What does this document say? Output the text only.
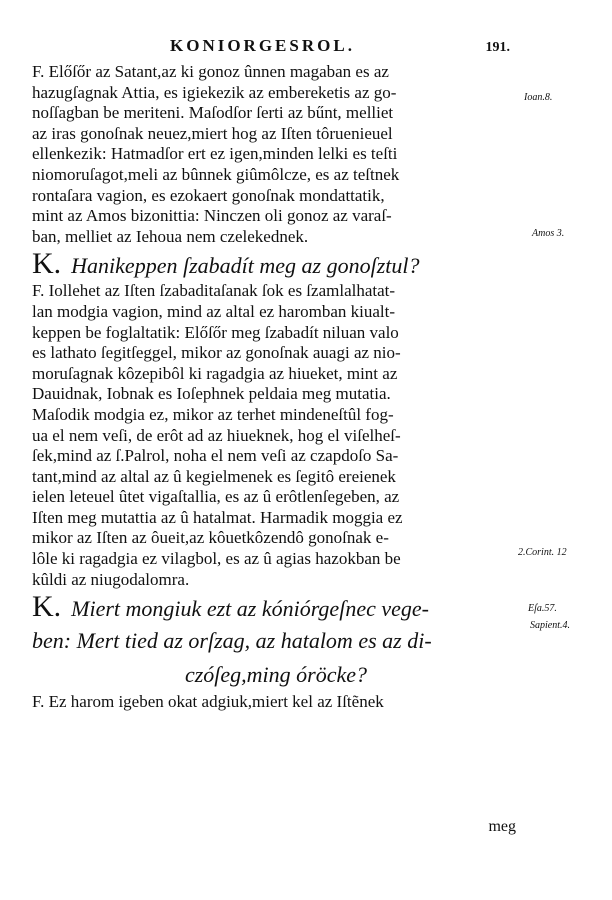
KONIORGESROL.	191.
F. Előſőr az Satant,az ki gonoz ûnnen magaban es az
hazugſagnak Attia, es igiekezik az embereketis az go-
noſſagban be meriteni. Maſodſor ſerti az bűnt, melliet
az iras gonoſnak neuez,miert hog az Iſten tôruenieuel
ellenkezik: Hatmadſor ert ez igen,minden lelki es teſti
niomoruſagot,meli az bûnnek giûmôlcze, es az teſtnek
rontaſara vagion, es ezokaert gonoſnak mondattatik,
mint az Amos bizonittia: Ninczen oli gonoz az varaſ-
ban, melliet az Iehoua nem czelekednek.
K. Hanikeppen ſzabadít meg az gonoſztul?
F. Iollehet az Iſten ſzabaditaſanak ſok es ſzamlalhatat-
lan modgia vagion, mind az altal ez haromban kiualt-
keppen be foglaltatik: Előſőr meg ſzabadít niluan valo
es lathato ſegitſeggel, mikor az gonoſnak auagi az nio-
moruſagnak kôzepibôl ki ragadgia az hiueket, mint az
Dauidnak, Iobnak es Ioſephnek peldaia meg mutatia.
Maſodik modgia ez, mikor az terhet mindeneſtûl fog-
ua el nem veſi, de erôt ad az hiueknek, hog el viſelheſ-
ſek,mind az ſ.Palrol, noha el nem veſi az czapdoſo Sa-
tant,mind az altal az û kegielmenek es ſegitô ereienek
ielen leteuel ûtet vigaſtallia, es az û erôtlenſegeben, az
Iſten meg mutattia az û hatalmat. Harmadik moggia ez
mikor az Iſten az ôueit,az kôuetkôzendô gonoſnak e-
lôle ki ragadgia ez vilagbol, es az û agias hazokban be
kûldi az niugodalomra.
K. Miert mongiuk ezt az kóniórgeſnec vege-
ben: Mert tied az orſzag, az hatalom es az di-
czóſeg,ming óröcke?
F. Ez harom igeben okat adgiuk,miert kel az Iſtẽnek
meg
Ioan.8.
Amos 3.
2.Corint. 12
Eſa.57.
Sapient.4.
